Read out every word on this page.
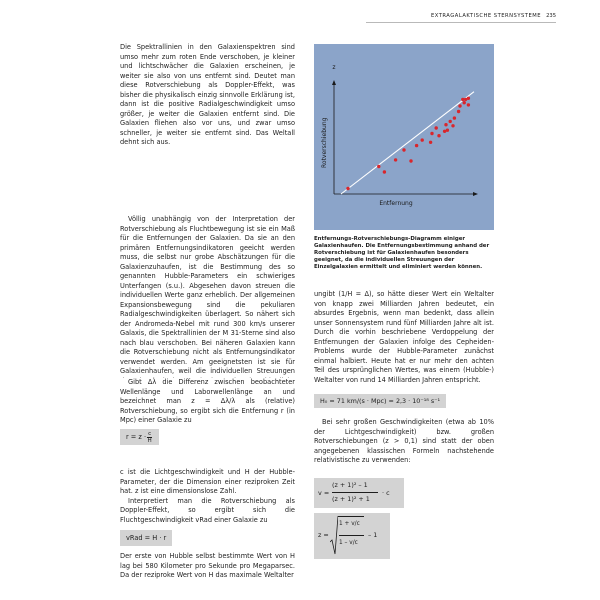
EXTRAGALAKTISCHE STERNSYSTEME 235

Die Spektrallinien in den Galaxienspektren sind umso mehr zum roten Ende verschoben, je kleiner und lichtschwächer die Galaxien erscheinen, je weiter sie also von uns entfernt sind. Deutet man diese Rotverschiebung als Doppler-Effekt, was bisher die physikalisch einzig sinnvolle Erklärung ist, dann ist die positive Radialgeschwindigkeit umso größer, je weiter die Galaxien entfernt sind. Die Galaxien fliehen also vor uns, und zwar umso schneller, je weiter sie entfernt sind. Das Weltall dehnt sich aus.

Völlig unabhängig von der Interpretation der Rotverschiebung als Fluchtbewegung ist sie ein Maß für die Entfernungen der Galaxien. Da sie an den primären Entfernungsindikatoren geeicht werden muss, die selbst nur grobe Abschätzungen für die Galaxienzuhaufen, ist die Bestimmung des so genannten Hubble-Parameters ein schwieriges Unterfangen (s.u.). Abgesehen davon streuen die individuellen Werte ganz erheblich. Der allgemeinen Expansionsbewegung sind die pekuliaren Radialgeschwindigkeiten überlagert. So nähert sich der Andromeda-Nebel mit rund 300 km/s unserer Galaxis, die Spektrallinien der M 31-Sterne sind also nach blau verschoben. Bei näheren Galaxien kann die Rotverschiebung nicht als Entfernungsindikator verwendet werden. Am geeignetsten ist sie für Galaxienhaufen, weil die individuellen Streuungen

Gibt Δλ die Differenz zwischen beobachteter Wellenlänge und Laborwellenlänge an und bezeichnet man z = Δλ/λ als (relative) Rotverschiebung, so ergibt sich die Entfernung r (in Mpc) einer Galaxie zu

$r = z \cdot \frac{c}{H}$

c ist die Lichtgeschwindigkeit und H der Hubble-Parameter, der die Dimension einer reziproken Zeit hat. z ist eine dimensionslose Zahl.

Interpretiert man die Rotverschiebung als Doppler-Effekt, so ergibt sich die Fluchtgeschwindigkeit vRad einer Galaxie zu

vRad = H · r

Der erste von Hubble selbst bestimmte Wert von H lag bei 580 Kilometer pro Sekunde pro Megaparsec. Da der reziproke Wert von H das maximale Weltalter

z
Rotverschiebung
Entfernung

Entfernungs-Rotverschiebungs-Diagramm einiger Galaxienhaufen. Die Entfernungsbestimmung anhand der Rotverschiebung ist für Galaxienhaufen besonders geeignet, da die individuellen Streuungen der Einzelgalaxien ermittelt und eliminiert werden können.

ungibt (1/H = Δ), so hätte dieser Wert ein Weltalter von knapp zwei Milliarden Jahren bedeutet, ein absurdes Ergebnis, wenn man bedenkt, dass allein unser Sonnensystem rund fünf Milliarden Jahre alt ist. Durch die vorhin beschriebene Verdoppelung der Entfernungen der Galaxien infolge des Cepheiden-Problems wurde der Hubble-Parameter zunächst einmal halbiert. Heute hat er nur mehr den achten Teil des ursprünglichen Wertes, was einem (Hubble-) Weltalter von rund 14 Milliarden Jahren entspricht.

H₀ = 71 km/(s · Mpc) = 2,3 · 10⁻¹⁸ s⁻¹

Bei sehr großen Geschwindigkeiten (etwa ab 10% der Lichtgeschwindigkeit) bzw. großen Rotverschiebungen (z > 0,1) sind statt der oben angegebenen klassischen Formeln nachstehende relativistische zu verwenden:

v =
(z + 1)² – 1
(z + 1)² + 1
· c
z =
1 + v/c
1 – v/c
– 1
